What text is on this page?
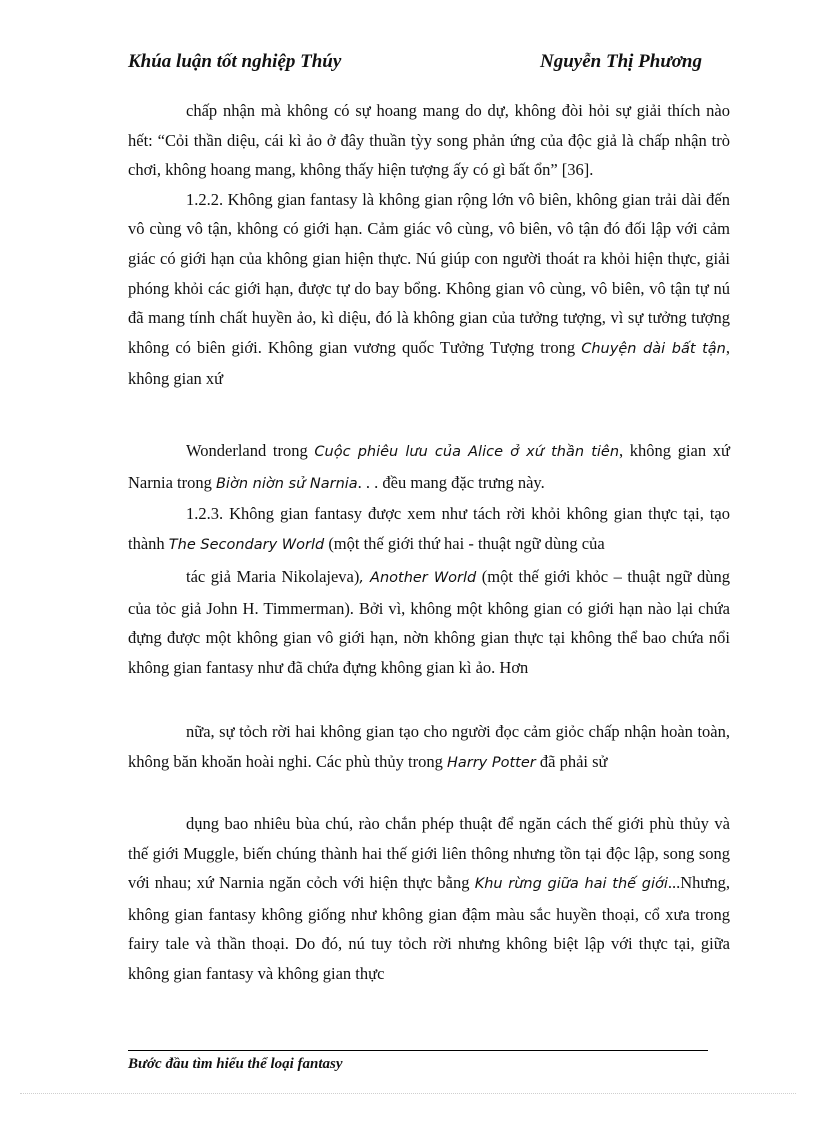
Khúa luận tốt nghiệp Thúy	Nguyễn Thị Phương

chấp nhận mà không có sự hoang mang do dự, không đòi hỏi sự giải thích nào hết: “Cỏi thần diệu, cái kì ảo ở đây thuần tỳy song phản ứng của độc giả là chấp nhận trò chơi, không hoang mang, không thấy hiện tượng ấy có gì bất ổn” [36].

1.2.2. Không gian fantasy là không gian rộng lớn vô biên, không gian trải dài đến vô cùng vô tận, không có giới hạn. Cảm giác vô cùng, vô biên, vô tận đó đối lập với cảm giác có giới hạn của không gian hiện thực. Nú giúp con người thoát ra khỏi hiện thực, giải phóng khỏi các giới hạn, được tự do bay bổng. Không gian vô cùng, vô biên, vô tận tự nú đã mang tính chất huyền ảo, kì diệu, đó là không gian của tưởng tượng, vì sự tưởng tượng không có biên giới. Không gian vương quốc Tưởng Tượng trong Chuyện dài bất tận, không gian xứ

Wonderland trong Cuộc phiêu lưu của Alice ở xứ thần tiên, không gian xứ Narnia trong Biờn niờn sử Narnia. . . đều mang đặc trưng này.

1.2.3. Không gian fantasy được xem như tách rời khỏi không gian thực tại, tạo thành The Secondary World (một thế giới thứ hai - thuật ngữ dùng của

tác giả Maria Nikolajeva), Another World (một thế giới khỏc – thuật ngữ dùng của tỏc giả John H. Timmerman). Bởi vì, không một không gian có giới hạn nào lại chứa đựng được một không gian vô giới hạn, nờn không gian thực tại không thể bao chứa nổi không gian fantasy như đã chứa đựng không gian kì ảo. Hơn

nữa, sự tỏch rời hai không gian tạo cho người đọc cảm giỏc chấp nhận hoàn toàn, không băn khoăn hoài nghi. Các phù thủy trong Harry Potter đã phải sử

dụng bao nhiêu bùa chú, rào chắn phép thuật để ngăn cách thế giới phù thủy và thế giới Muggle, biến chúng thành hai thế giới liên thông nhưng tồn tại độc lập, song song với nhau; xứ Narnia ngăn cỏch với hiện thực bằng Khu rừng giữa hai thế giới...Nhưng, không gian fantasy không giống như không gian đậm màu sắc huyền thoại, cổ xưa trong fairy tale và thần thoại. Do đó, nú tuy tỏch rời nhưng không biệt lập với thực tại, giữa không gian fantasy và không gian thực

Bước đầu tìm hiểu thể loại fantasy
